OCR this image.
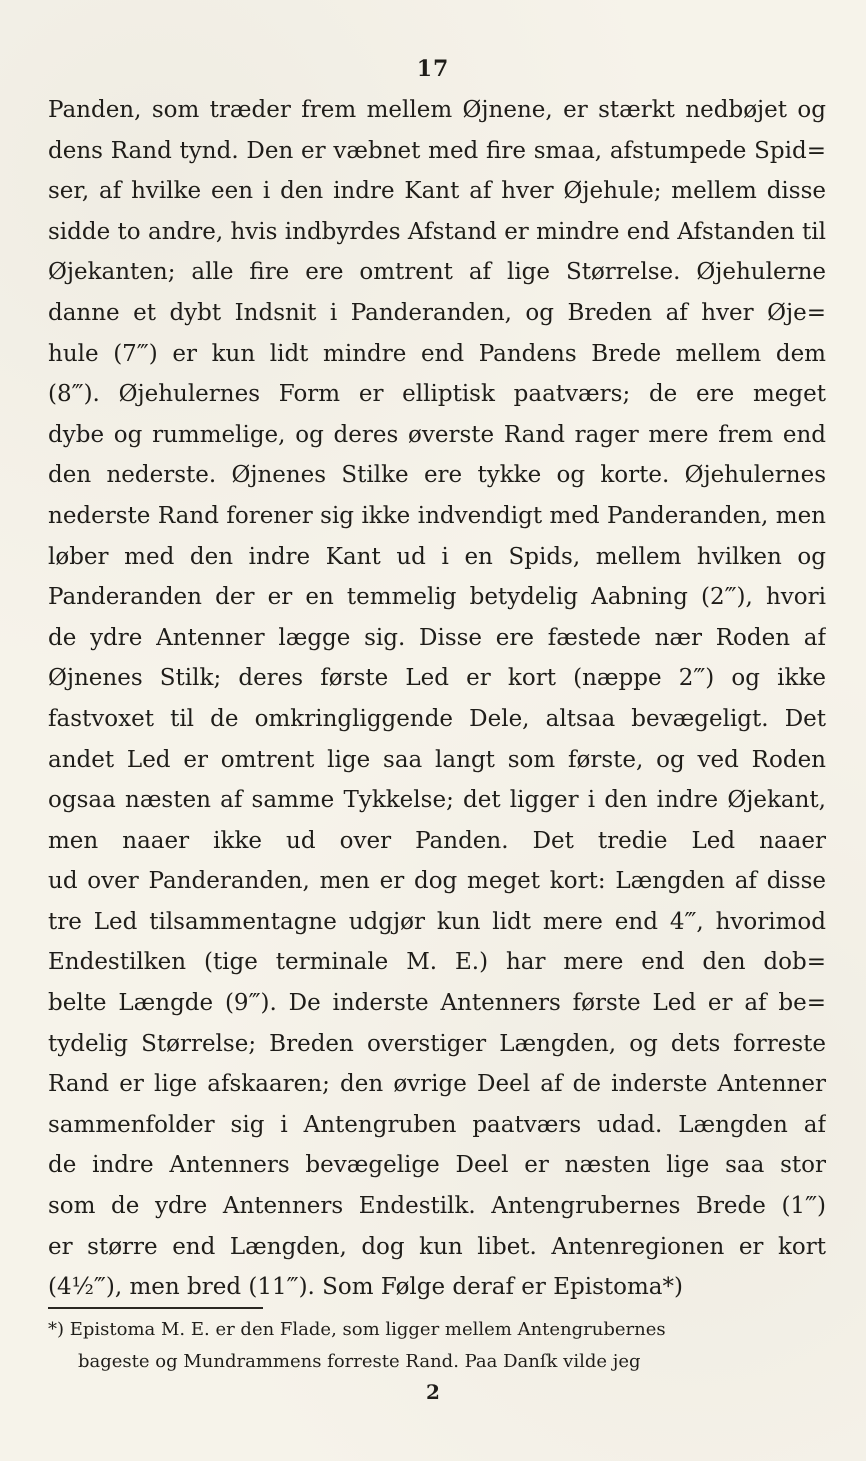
17
Panden, som træder frem mellem Øjnene, er stærkt nedbøjet og
dens Rand tynd. Den er væbnet med fire smaa, afstumpede Spid=
ser, af hvilke een i den indre Kant af hver Øjehule; mellem disse
sidde to andre, hvis indbyrdes Afstand er mindre end Afstanden til
Øjekanten; alle fire ere omtrent af lige Størrelse. Øjehulerne
danne et dybt Indsnit i Panderanden, og Breden af hver Øje=
hule (7‴) er kun lidt mindre end Pandens Brede mellem dem
(8‴). Øjehulernes Form er elliptisk paatværs; de ere meget
dybe og rummelige, og deres øverste Rand rager mere frem end
den nederste. Øjnenes Stilke ere tykke og korte. Øjehulernes
nederste Rand forener sig ikke indvendigt med Panderanden, men
løber med den indre Kant ud i en Spids, mellem hvilken og
Panderanden der er en temmelig betydelig Aabning (2‴), hvori
de ydre Antenner lægge sig. Disse ere fæstede nær Roden af
Øjnenes Stilk; deres første Led er kort (næppe 2‴) og ikke
fastvoxet til de omkringliggende Dele, altsaa bevægeligt. Det
andet Led er omtrent lige saa langt som første, og ved Roden
ogsaa næsten af samme Tykkelse; det ligger i den indre Øjekant,
men naaer ikke ud over Panden. Det tredie Led naaer
ud over Panderanden, men er dog meget kort: Længden af disse
tre Led tilsammentagne udgjør kun lidt mere end 4‴, hvorimod
Endestilken (tige terminale M. E.) har mere end den dob=
belte Længde (9‴). De inderste Antenners første Led er af be=
tydelig Størrelse; Breden overstiger Længden, og dets forreste
Rand er lige afskaaren; den øvrige Deel af de inderste Antenner
sammenfolder sig i Antengruben paatværs udad. Længden af
de indre Antenners bevægelige Deel er næsten lige saa stor
som de ydre Antenners Endestilk. Antengrubernes Brede (1‴)
er større end Længden, dog kun libet. Antenregionen er kort
(4½‴), men bred (11‴). Som Følge deraf er Epistoma*)
*) Epistoma M. E. er den Flade, som ligger mellem Antengrubernes
bageste og Mundrammens forreste Rand. Paa Danſk vilde jeg
2
